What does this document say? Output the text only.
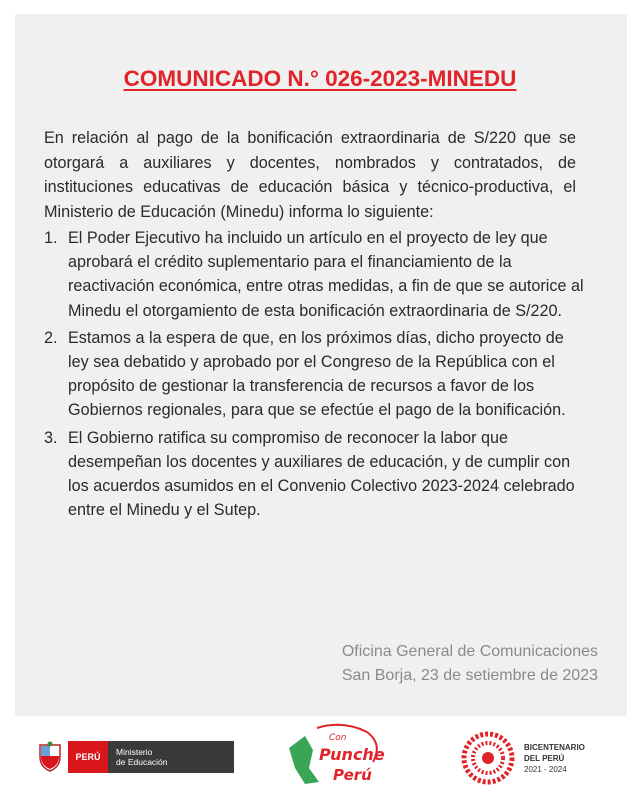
COMUNICADO N.° 026-2023-MINEDU
En relación al pago de la bonificación extraordinaria de S/220 que se otorgará a auxiliares y docentes, nombrados y contratados, de instituciones educativas de educación básica y técnico-productiva, el Ministerio de Educación (Minedu) informa lo siguiente:
1. El Poder Ejecutivo ha incluido un artículo en el proyecto de ley que aprobará el crédito suplementario para el financiamiento de la reactivación económica, entre otras medidas, a fin de que se autorice al Minedu el otorgamiento de esta bonificación extraordinaria de S/220.
2. Estamos a la espera de que, en los próximos días, dicho proyecto de ley sea debatido y aprobado por el Congreso de la República con el propósito de gestionar la transferencia de recursos a favor de los Gobiernos regionales, para que se efectúe el pago de la bonificación.
3. El Gobierno ratifica su compromiso de reconocer la labor que desempeñan los docentes y auxiliares de educación, y de cumplir con los acuerdos asumidos en el Convenio Colectivo 2023-2024 celebrado entre el Minedu y el Sutep.
Oficina General de Comunicaciones
San Borja, 23 de setiembre de 2023
PERÚ	Ministerio
de Educación
Con
Punche
Perú
BICENTENARIO
DEL PERÚ
2021 - 2024
